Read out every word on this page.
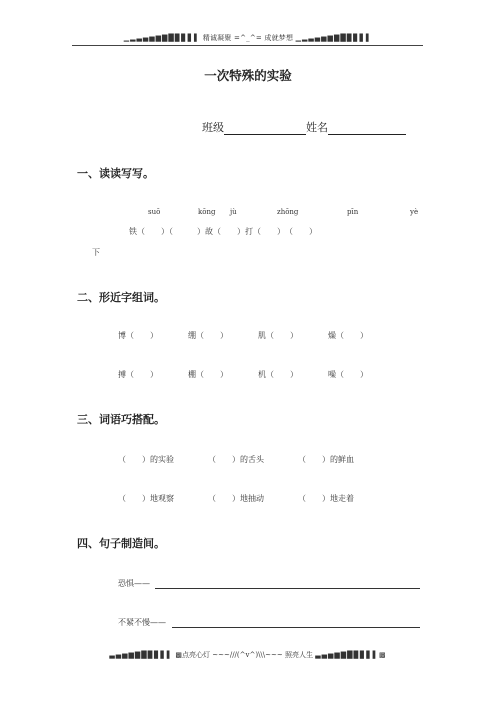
▁▂▃▄▅▆▇█▉▊▋▌ 精诚凝聚 =^_^= 成就梦想 ▁▂▃▄▅▆▇█▉▊▋▌
一次特殊的实验
班级	姓名
一、读读写写。
suō	kōng jù	zhōng	pīn	yè
铁（　　）（　　　）故（　　）打（　　）　（　　）
下
二、形近字组词。
博（　　）	绷（　　）	肌（　　）	燥（　　）
搏（　　）	棚（　　）	机（　　）	噪（　　）
三、词语巧搭配。
（　　）的实验	（　　）的舌头	（　　）的鲜血
（　　）地观察	（　　）地抽动	（　　）地走着
四、句子制造间。
恐惧——
不紧不慢——
▃▄▅▆▇█▉▊▋▌ ▩点亮心灯 ~~~///(^v^)\\\~~~ 照亮人生 ▃▄▅▆▇█▉▊▋▌▩
